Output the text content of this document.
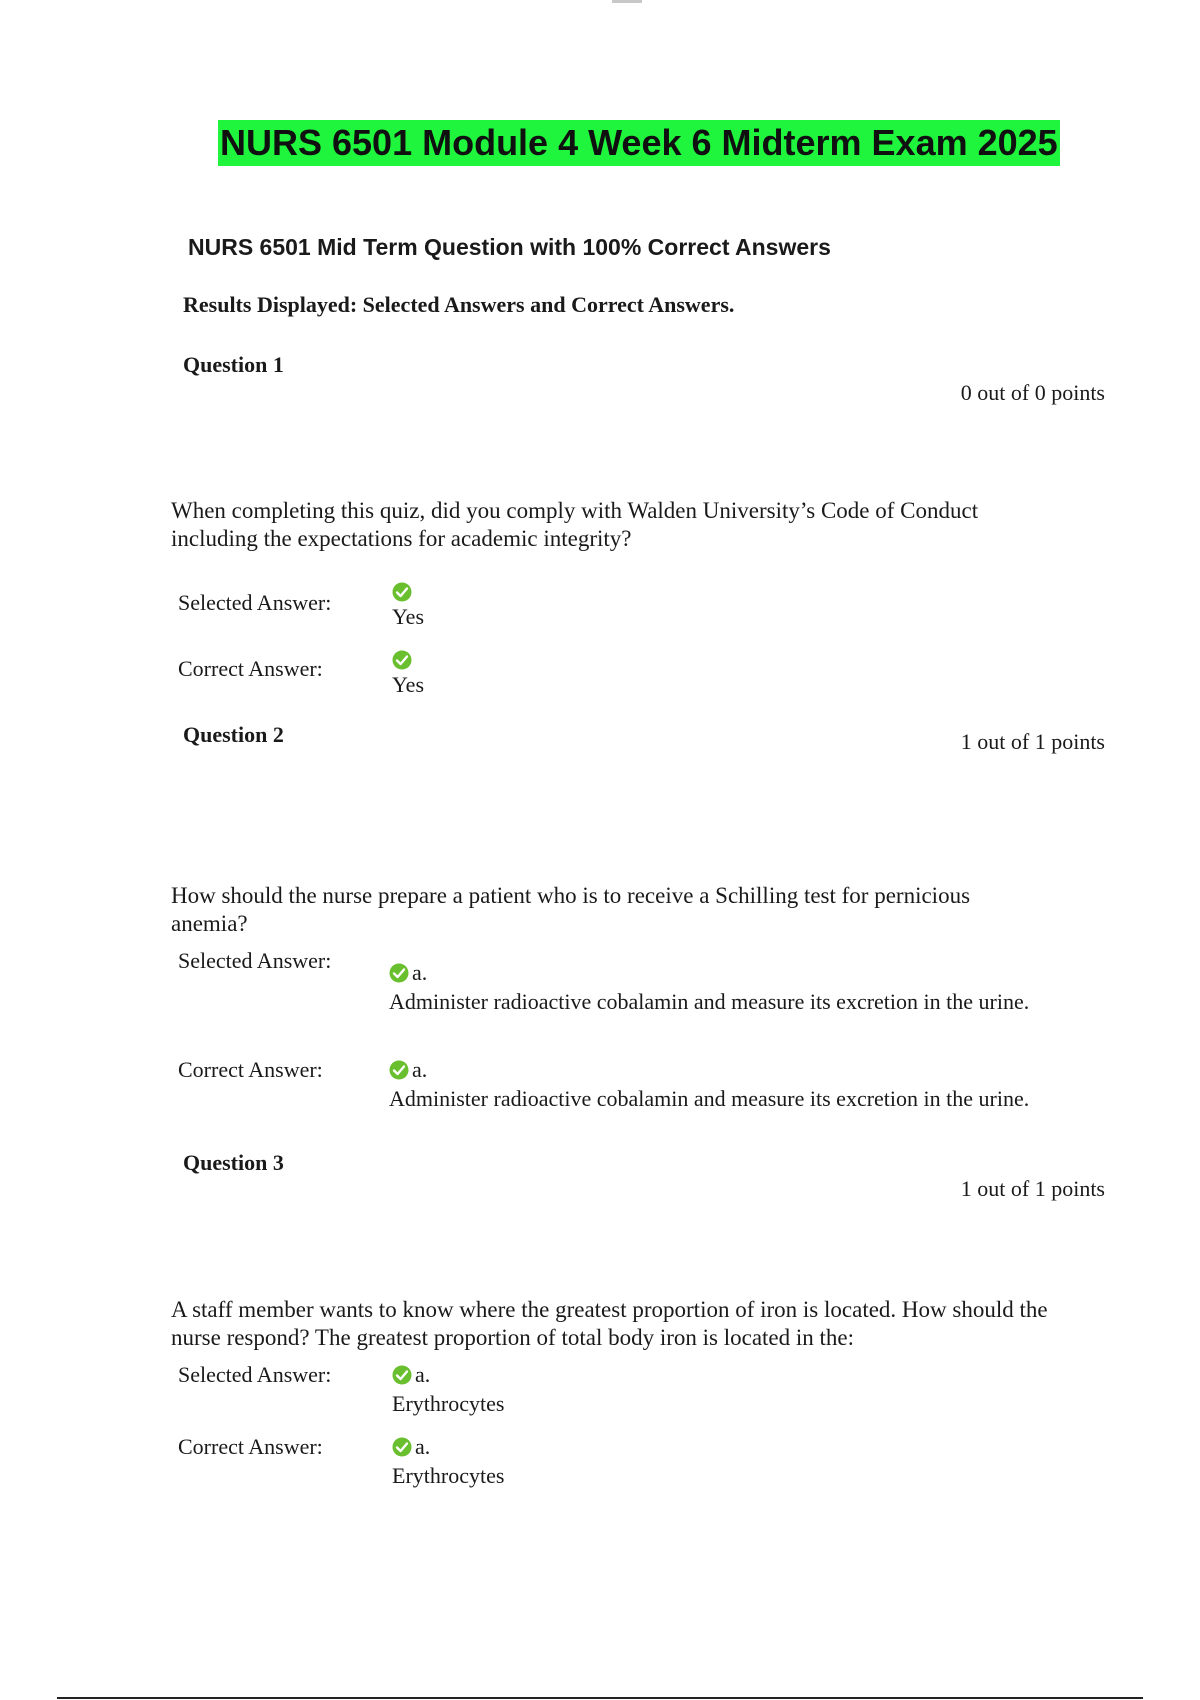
NURS 6501 Module 4 Week 6 Midterm Exam 2025
NURS 6501 Mid Term Question with 100% Correct Answers
Results Displayed: Selected Answers and Correct Answers.
Question 1
0 out of 0 points
When completing this quiz, did you comply with Walden University’s Code of Conduct including the expectations for academic integrity?
Selected Answer:
Yes
Correct Answer:
Yes
Question 2	1 out of 1 points
How should the nurse prepare a patient who is to receive a Schilling test for pernicious anemia?
Selected Answer:	a.
Administer radioactive cobalamin and measure its excretion in the urine.
Correct Answer:	a.
Administer radioactive cobalamin and measure its excretion in the urine.
Question 3
1 out of 1 points
A staff member wants to know where the greatest proportion of iron is located. How should the nurse respond? The greatest proportion of total body iron is located in the:
Selected Answer:	a.
Erythrocytes
Correct Answer:	a.
Erythrocytes
